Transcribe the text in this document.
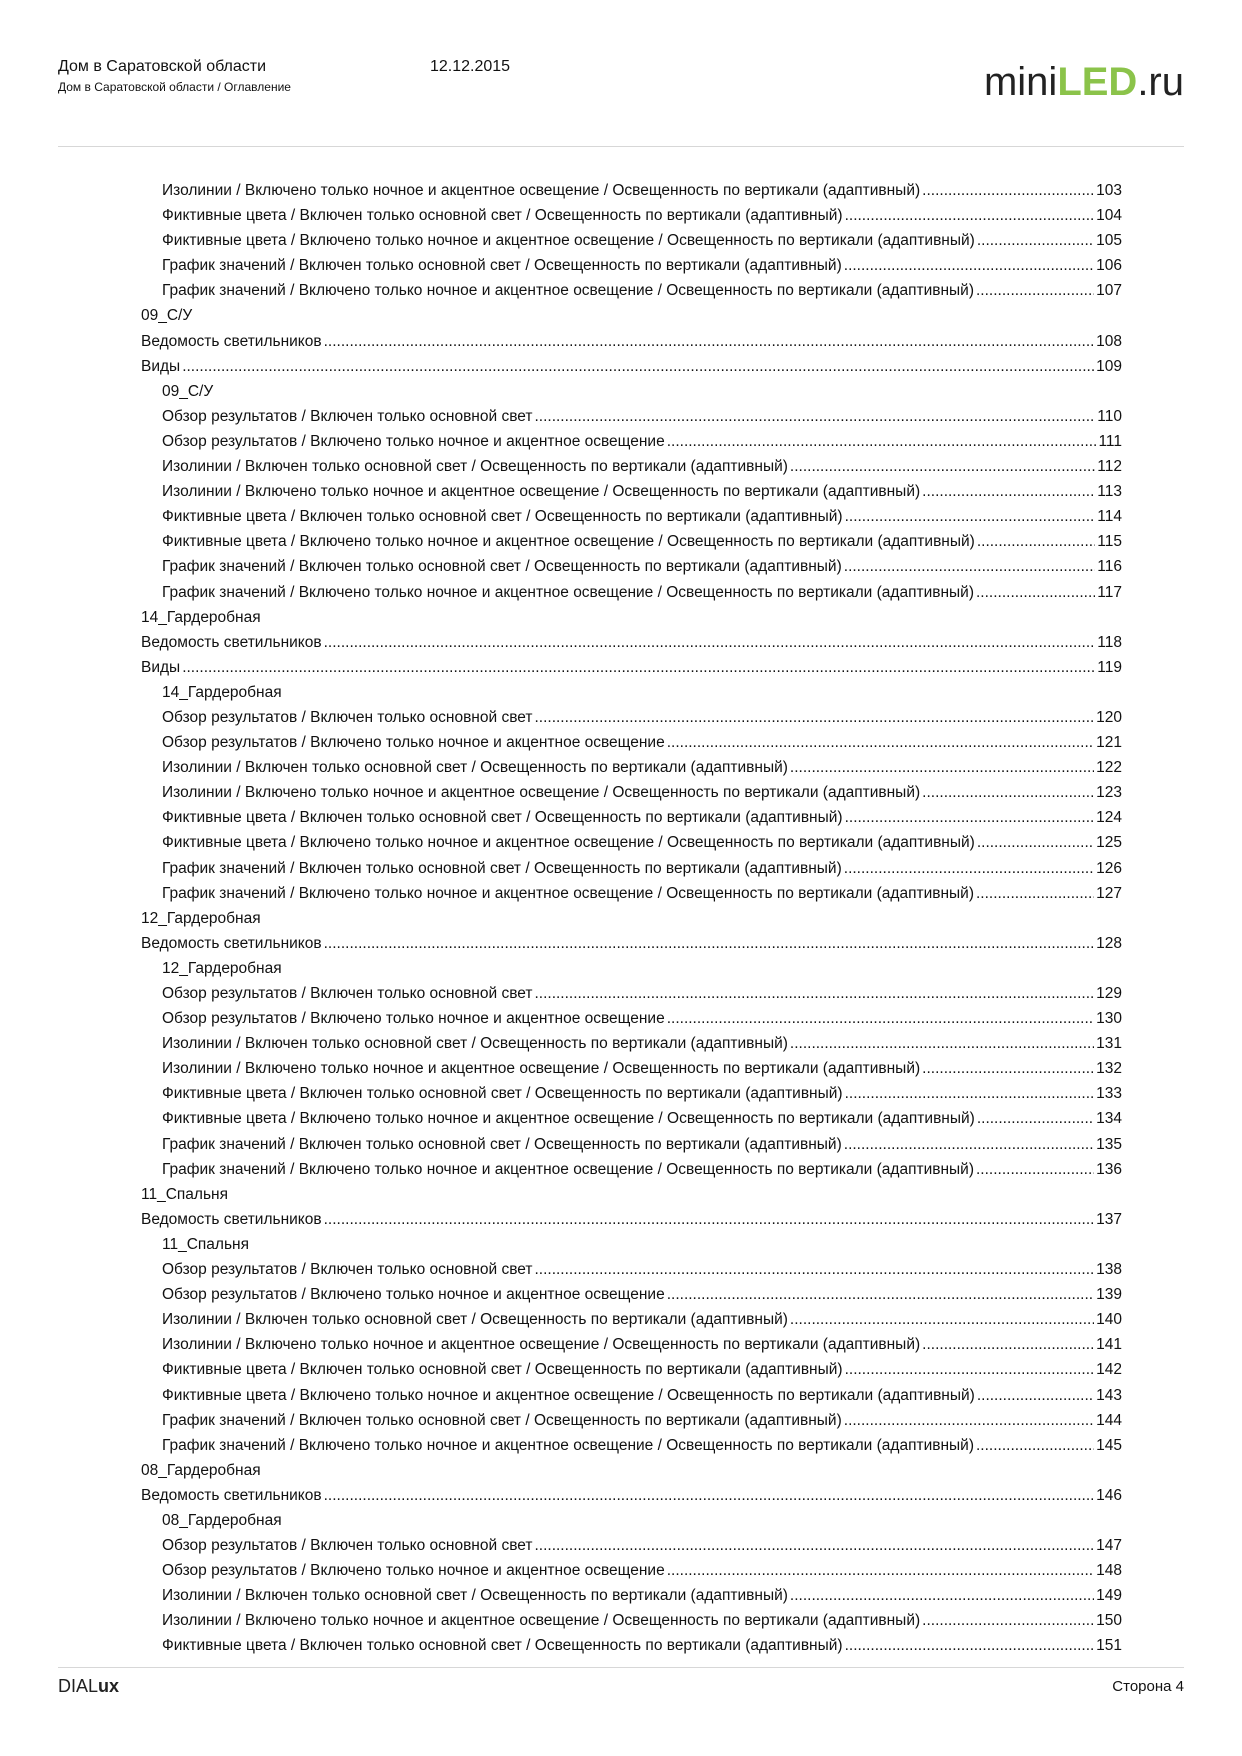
Дом в Саратовской области	12.12.2015
Дом в Саратовской области / Оглавление	miniLED.ru
Изолинии / Включено только ночное и акцентное освещение / Освещенность по вертикали (адаптивный) .....	103
Фиктивные цвета / Включен только основной свет / Освещенность по вертикали (адаптивный) .....	104
Фиктивные цвета / Включено только ночное и акцентное освещение / Освещенность по вертикали (адаптивный) .....	105
График значений / Включен только основной свет / Освещенность по вертикали (адаптивный) .....	106
График значений / Включено только ночное и акцентное освещение / Освещенность по вертикали (адаптивный) .....	107
09_С/У
Ведомость светильников .....	108
Виды .....	109
09_С/У
Обзор результатов / Включен только основной свет .....	110
Обзор результатов / Включено только ночное и акцентное освещение .....	111
Изолинии / Включен только основной свет / Освещенность по вертикали (адаптивный) .....	112
Изолинии / Включено только ночное и акцентное освещение / Освещенность по вертикали (адаптивный) .....	113
Фиктивные цвета / Включен только основной свет / Освещенность по вертикали (адаптивный) .....	114
Фиктивные цвета / Включено только ночное и акцентное освещение / Освещенность по вертикали (адаптивный) .....	115
График значений / Включен только основной свет / Освещенность по вертикали (адаптивный) .....	116
График значений / Включено только ночное и акцентное освещение / Освещенность по вертикали (адаптивный) .....	117
14_Гардеробная
Ведомость светильников .....	118
Виды .....	119
14_Гардеробная
Обзор результатов / Включен только основной свет .....	120
Обзор результатов / Включено только ночное и акцентное освещение .....	121
Изолинии / Включен только основной свет / Освещенность по вертикали (адаптивный) .....	122
Изолинии / Включено только ночное и акцентное освещение / Освещенность по вертикали (адаптивный) .....	123
Фиктивные цвета / Включен только основной свет / Освещенность по вертикали (адаптивный) .....	124
Фиктивные цвета / Включено только ночное и акцентное освещение / Освещенность по вертикали (адаптивный) .....	125
График значений / Включен только основной свет / Освещенность по вертикали (адаптивный) .....	126
График значений / Включено только ночное и акцентное освещение / Освещенность по вертикали (адаптивный) .....	127
12_Гардеробная
Ведомость светильников .....	128
12_Гардеробная
Обзор результатов / Включен только основной свет .....	129
Обзор результатов / Включено только ночное и акцентное освещение .....	130
Изолинии / Включен только основной свет / Освещенность по вертикали (адаптивный) .....	131
Изолинии / Включено только ночное и акцентное освещение / Освещенность по вертикали (адаптивный) .....	132
Фиктивные цвета / Включен только основной свет / Освещенность по вертикали (адаптивный) .....	133
Фиктивные цвета / Включено только ночное и акцентное освещение / Освещенность по вертикали (адаптивный) .....	134
График значений / Включен только основной свет / Освещенность по вертикали (адаптивный) .....	135
График значений / Включено только ночное и акцентное освещение / Освещенность по вертикали (адаптивный) .....	136
11_Спальня
Ведомость светильников .....	137
11_Спальня
Обзор результатов / Включен только основной свет .....	138
Обзор результатов / Включено только ночное и акцентное освещение .....	139
Изолинии / Включен только основной свет / Освещенность по вертикали (адаптивный) .....	140
Изолинии / Включено только ночное и акцентное освещение / Освещенность по вертикали (адаптивный) .....	141
Фиктивные цвета / Включен только основной свет / Освещенность по вертикали (адаптивный) .....	142
Фиктивные цвета / Включено только ночное и акцентное освещение / Освещенность по вертикали (адаптивный) .....	143
График значений / Включен только основной свет / Освещенность по вертикали (адаптивный) .....	144
График значений / Включено только ночное и акцентное освещение / Освещенность по вертикали (адаптивный) .....	145
08_Гардеробная
Ведомость светильников .....	146
08_Гардеробная
Обзор результатов / Включен только основной свет .....	147
Обзор результатов / Включено только ночное и акцентное освещение .....	148
Изолинии / Включен только основной свет / Освещенность по вертикали (адаптивный) .....	149
Изолинии / Включено только ночное и акцентное освещение / Освещенность по вертикали (адаптивный) .....	150
Фиктивные цвета / Включен только основной свет / Освещенность по вертикали (адаптивный) .....	151
DIALux	Сторона 4
